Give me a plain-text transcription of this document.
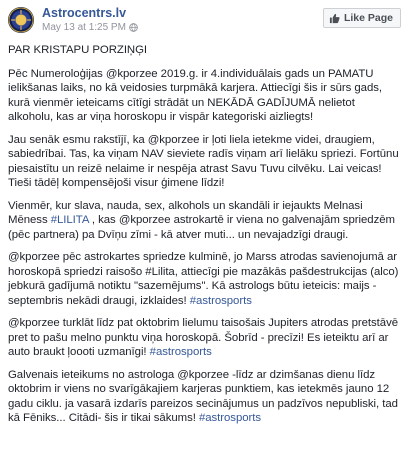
Astrocentrs.lv
May 13 at 1:25 PM
Like Page

PAR KRISTAPU PORZIŅĢI

Pēc Numeroloģijas @kporzee 2019.g. ir 4.individuālais gads un PAMATU ielikšanas laiks, no kā veidosies turpmākā karjera. Attiecīgi šis ir sūrs gads, kurā vienmēr ieteicams cītīgi strādāt un NEKĀDĀ GADĪJUMĀ nelietot alkoholu, kas ar viņa horoskopu ir vispār kategoriski aizliegts!

Jau senāk esmu rakstījī, ka @kporzee ir ļoti liela ietekme videi, draugiem, sabiedrībai. Tas, ka viņam NAV sieviete radīs viņam arī lielāku spriezi. Fortūnu piesaistītu un reizē nelaime ir nespēja atrast Savu Tuvu cilvēku. Lai veicas! Tieši tādēļ kompensējoši visur ģimene līdzi!

Vienmēr, kur slava, nauda, sex, alkohols un skandāli ir iejaukts Melnasi Mēness #LILITA , kas @kporzee astrokartē ir viena no galvenajām spriedzēm (pēc partnera) pa Dvīņu zīmi - kā atver muti... un nevajadzīgi draugi.

@kporzee pēc astrokartes spriedze kulminē, jo Marss atrodas savienojumā ar horoskopā spriedzi raisošo #Lilita, attiecīgi pie mazākās pašdestrukcijas (alco) jebkurā gadījumā notiktu "sazemējums". Kā astrologs būtu ieteicis: maijs - septembris nekādi draugi, izklaides! #astrosports

@kporzee turklāt līdz pat oktobrim lielumu taisošais Jupiters atrodas pretstāvē pret to pašu melno punktu viņa horoskopā. Šobrīd - precīzi! Es ieteiktu arī ar auto braukt ļoooti uzmanīgi! #astrosports

Galvenais ieteikums no astrologa @kporzee -līdz ar dzimšanas dienu līdz oktobrim ir viens no svarīgākajiem karjeras punktiem, kas ietekmēs jauno 12 gadu ciklu. ja vasarā izdarīs pareizos secinājumus un padzīvos nepubliski, tad kā Fēniks... Citādi- šis ir tikai sākums! #astrosports
